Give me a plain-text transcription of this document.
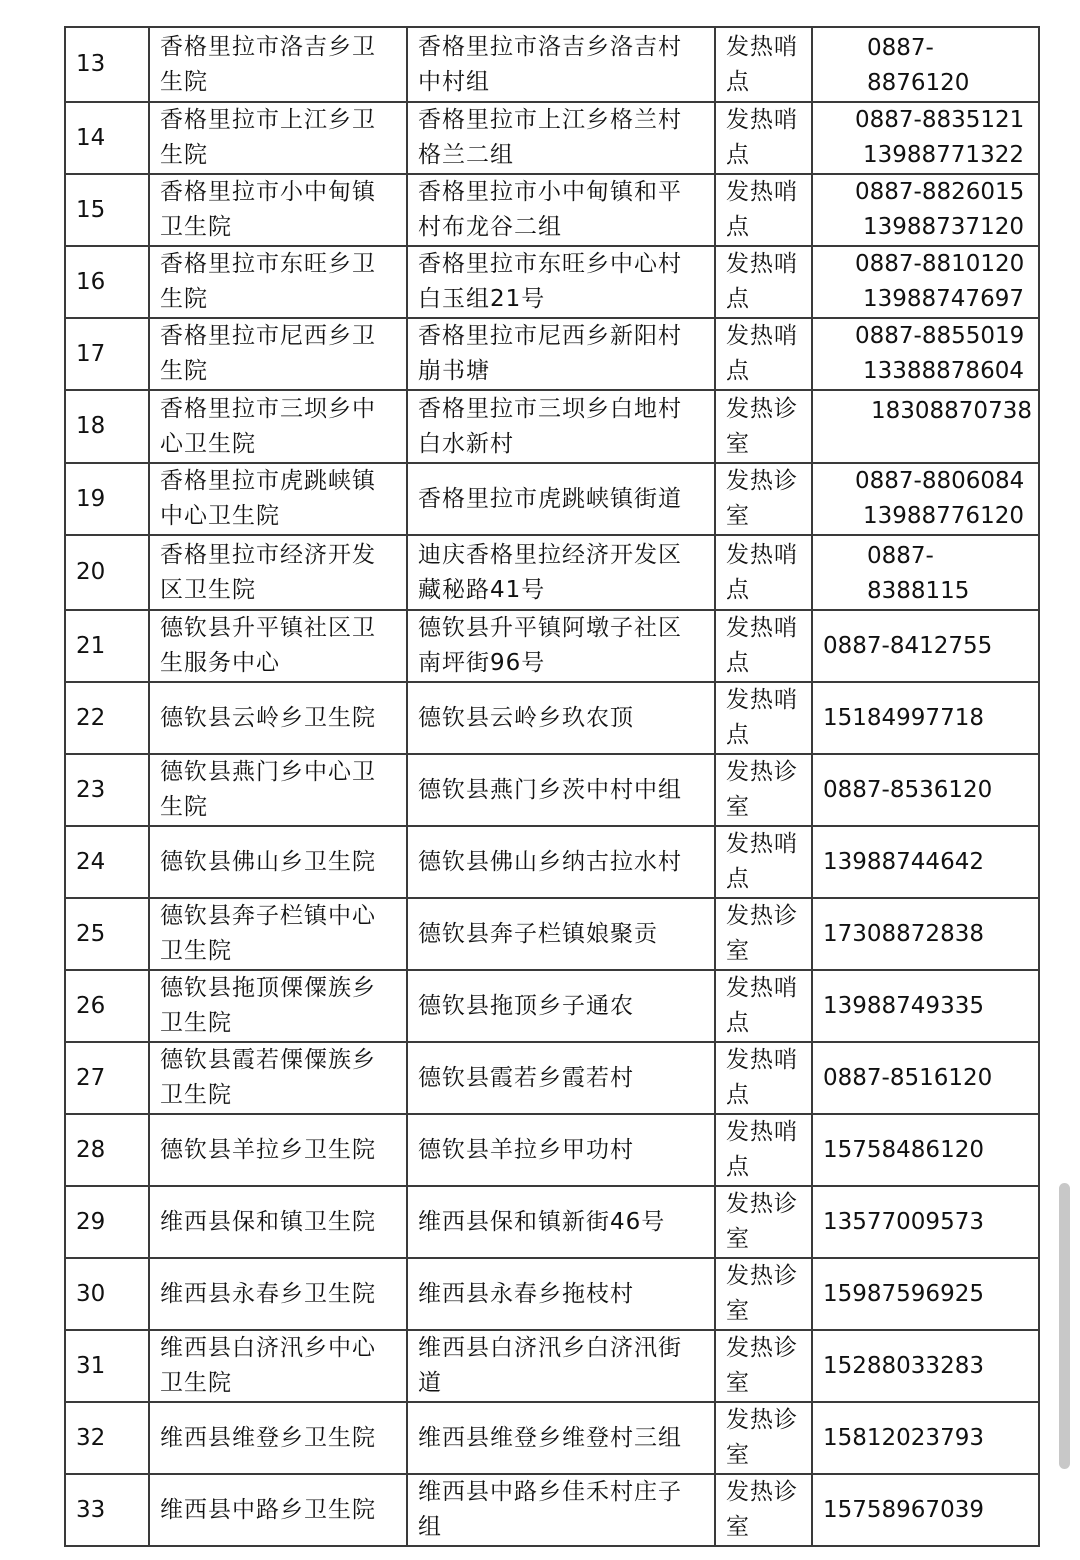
13	香格里拉市洛吉乡卫生院	香格里拉市洛吉乡洛吉村中村组	发热哨点	0887-8876120

14	香格里拉市上江乡卫生院	香格里拉市上江乡格兰村格兰二组	发热哨点	0887-8835121
13988771322

15	香格里拉市小中甸镇卫生院	香格里拉市小中甸镇和平村布龙谷二组	发热哨点	0887-8826015
13988737120

16	香格里拉市东旺乡卫生院	香格里拉市东旺乡中心村白玉组21号	发热哨点	0887-8810120
13988747697

17	香格里拉市尼西乡卫生院	香格里拉市尼西乡新阳村崩书塘	发热哨点	0887-8855019
13388878604

18	香格里拉市三坝乡中心卫生院	香格里拉市三坝乡白地村白水新村	发热诊室	18308870738

19	香格里拉市虎跳峡镇中心卫生院	香格里拉市虎跳峡镇街道	发热诊室	0887-8806084
13988776120

20	香格里拉市经济开发区卫生院	迪庆香格里拉经济开发区藏秘路41号	发热哨点	0887-8388115

21	德钦县升平镇社区卫生服务中心	德钦县升平镇阿墩子社区南坪街96号	发热哨点	0887-8412755

22	德钦县云岭乡卫生院	德钦县云岭乡玖农顶	发热哨点	15184997718

23	德钦县燕门乡中心卫生院	德钦县燕门乡茨中村中组	发热诊室	0887-8536120

24	德钦县佛山乡卫生院	德钦县佛山乡纳古拉水村	发热哨点	13988744642

25	德钦县奔子栏镇中心卫生院	德钦县奔子栏镇娘聚贡	发热诊室	17308872838

26	德钦县拖顶傈僳族乡卫生院	德钦县拖顶乡子通农	发热哨点	13988749335

27	德钦县霞若傈僳族乡卫生院	德钦县霞若乡霞若村	发热哨点	0887-8516120

28	德钦县羊拉乡卫生院	德钦县羊拉乡甲功村	发热哨点	15758486120

29	维西县保和镇卫生院	维西县保和镇新街46号	发热诊室	13577009573

30	维西县永春乡卫生院	维西县永春乡拖枝村	发热诊室	15987596925

31	维西县白济汛乡中心卫生院	维西县白济汛乡白济汛街道	发热诊室	15288033283

32	维西县维登乡卫生院	维西县维登乡维登村三组	发热诊室	15812023793

33	维西县中路乡卫生院	维西县中路乡佳禾村庄子组	发热诊室	15758967039
